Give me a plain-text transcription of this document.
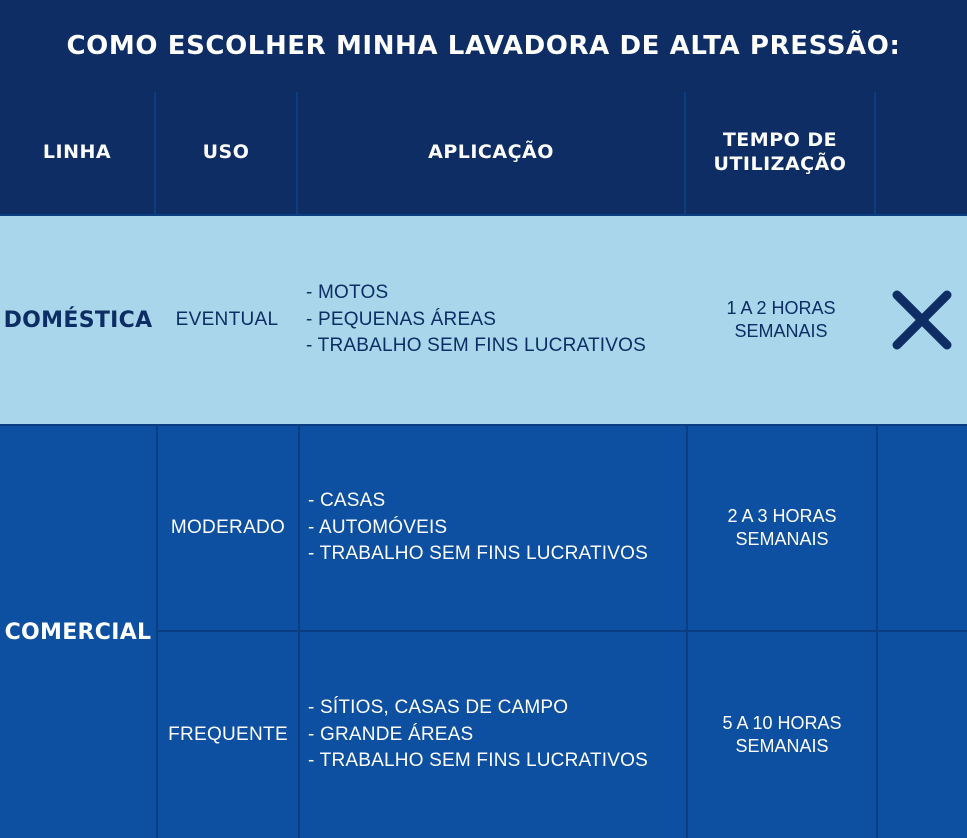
COMO ESCOLHER MINHA LAVADORA DE ALTA PRESSÃO:
LINHA	USO	APLICAÇÃO
TEMPO DE
UTILIZAÇÃO
DOMÉSTICA EVENTUAL
- MOTOS
- PEQUENAS ÁREAS
- TRABALHO SEM FINS LUCRATIVOS
1 A 2 HORAS
SEMANAIS
COMERCIAL
MODERADO
- CASAS
- AUTOMÓVEIS
- TRABALHO SEM FINS LUCRATIVOS
2 A 3 HORAS
SEMANAIS
FREQUENTE
- SÍTIOS, CASAS DE CAMPO
- GRANDE ÁREAS
- TRABALHO SEM FINS LUCRATIVOS
5 A 10 HORAS
SEMANAIS
